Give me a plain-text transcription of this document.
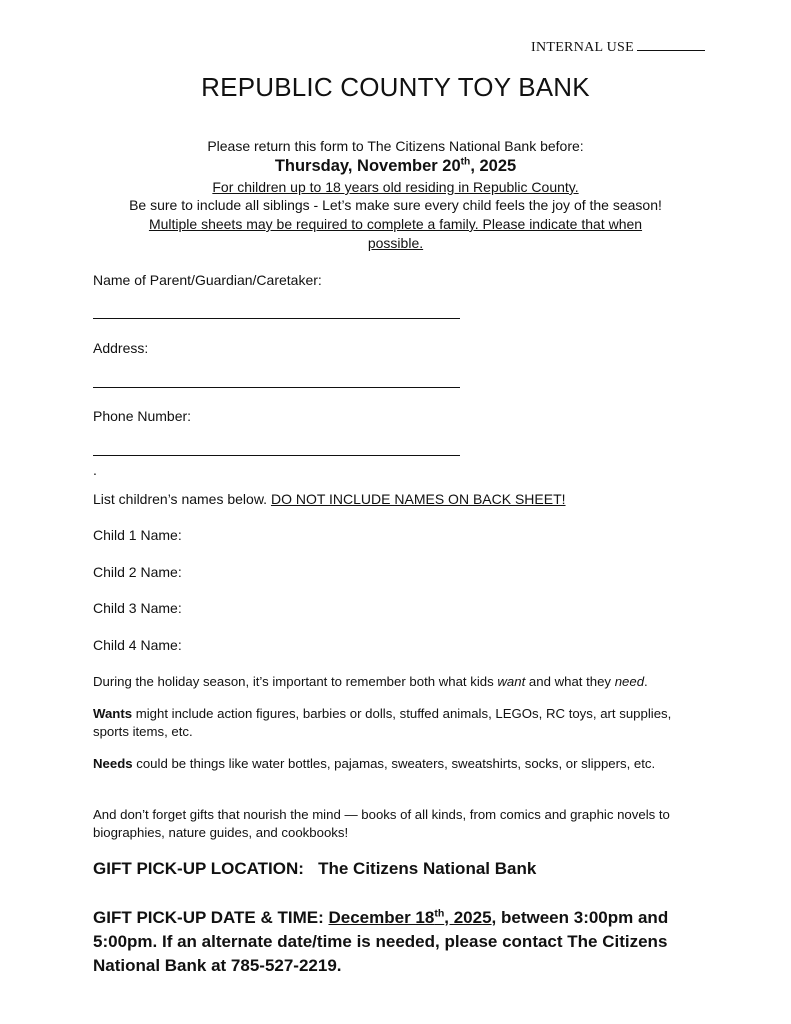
INTERNAL USE
REPUBLIC COUNTY TOY BANK
Please return this form to The Citizens National Bank before:
Thursday, November 20th, 2025
For children up to 18 years old residing in Republic County.
Be sure to include all siblings - Let’s make sure every child feels the joy of the season!
Multiple sheets may be required to complete a family. Please indicate that when
possible.
Name of Parent/Guardian/Caretaker:
Address:
Phone Number:
.
List children’s names below. DO NOT INCLUDE NAMES ON BACK SHEET!
Child 1 Name:
Child 2 Name:
Child 3 Name:
Child 4 Name:
During the holiday season, it’s important to remember both what kids want and what they need.
Wants might include action figures, barbies or dolls, stuffed animals, LEGOs, RC toys, art supplies, sports items, etc.
Needs could be things like water bottles, pajamas, sweaters, sweatshirts, socks, or slippers, etc.
And don’t forget gifts that nourish the mind — books of all kinds, from comics and graphic novels to biographies, nature guides, and cookbooks!
GIFT PICK-UP LOCATION: The Citizens National Bank
GIFT PICK-UP DATE & TIME: December 18th, 2025, between 3:00pm and 5:00pm. If an alternate date/time is needed, please contact The Citizens National Bank at 785-527-2219.
